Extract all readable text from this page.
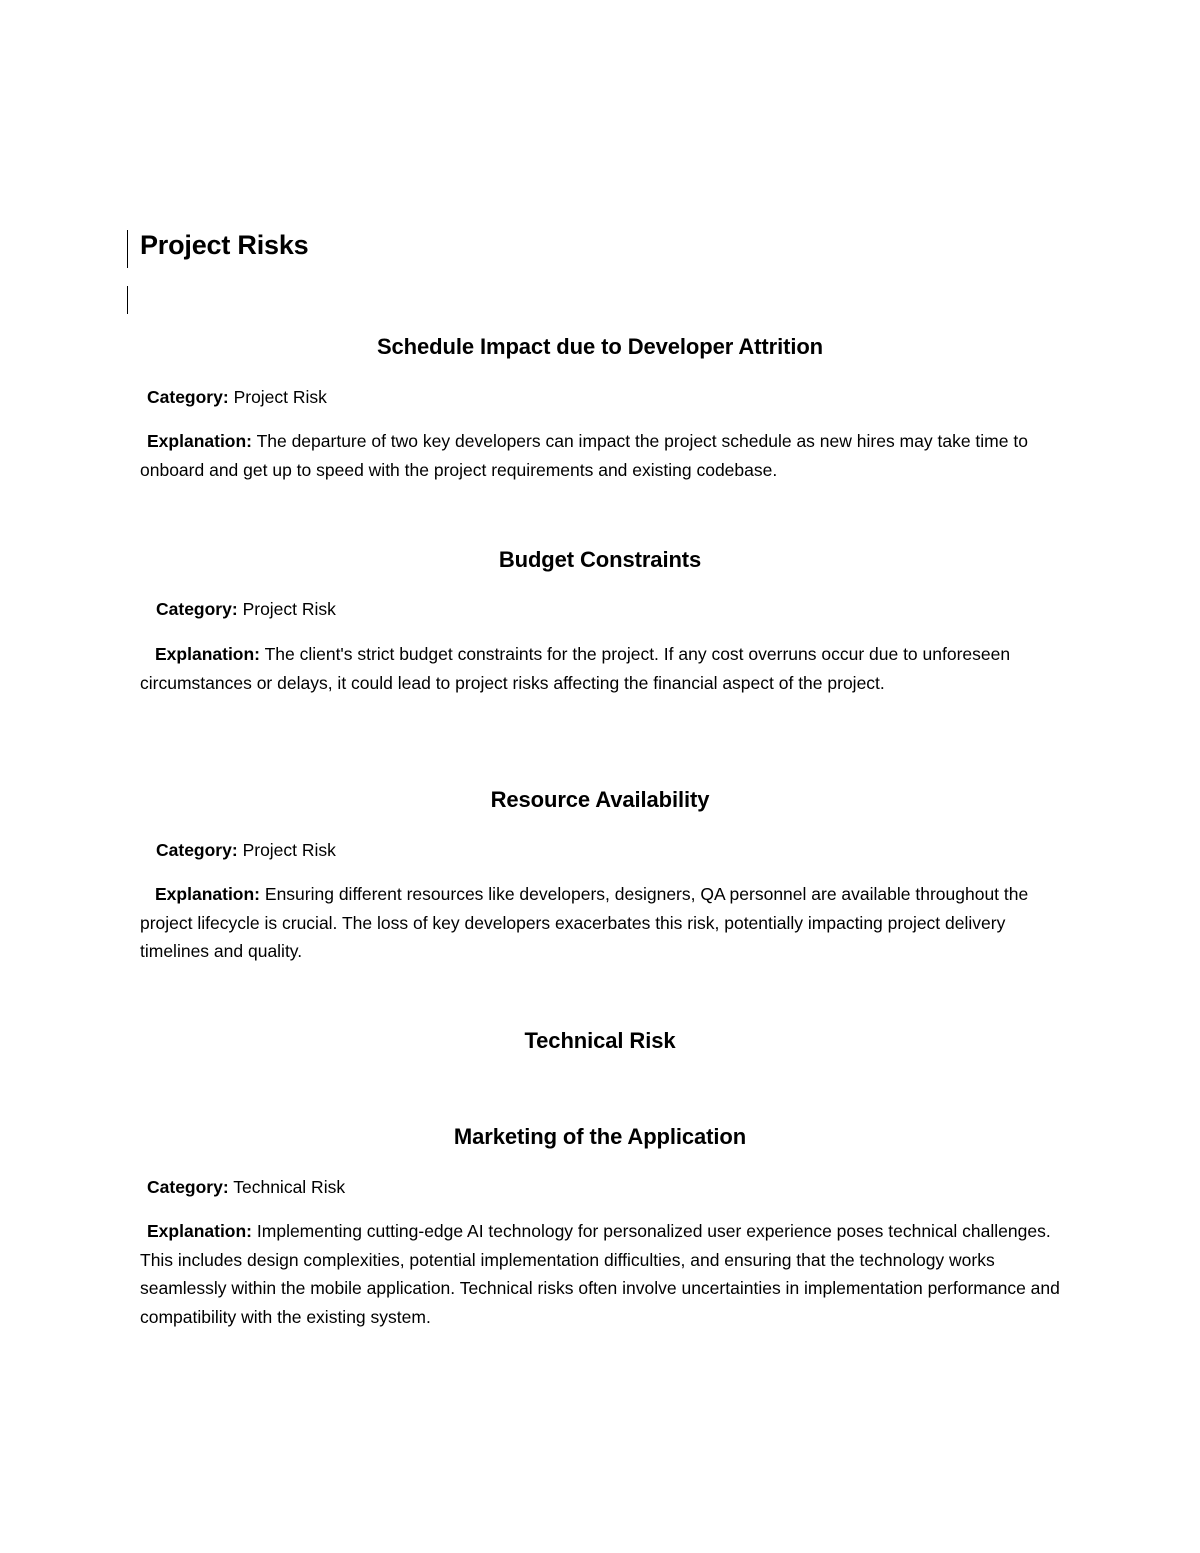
Project Risks
Schedule Impact due to Developer Attrition

Category: Project Risk

Explanation: The departure of two key developers can impact the project schedule as new hires may take time to onboard and get up to speed with the project requirements and existing codebase.

Budget Constraints

Category: Project Risk

Explanation: The client's strict budget constraints for the project. If any cost overruns occur due to unforeseen circumstances or delays, it could lead to project risks affecting the financial aspect of the project.

Resource Availability

Category: Project Risk

Explanation: Ensuring different resources like developers, designers, QA personnel are available throughout the project lifecycle is crucial. The loss of key developers exacerbates this risk, potentially impacting project delivery timelines and quality.

Technical Risk
Marketing of the Application

Category: Technical Risk

Explanation: Implementing cutting-edge AI technology for personalized user experience poses technical challenges. This includes design complexities, potential implementation difficulties, and ensuring that the technology works seamlessly within the mobile application. Technical risks often involve uncertainties in implementation performance and compatibility with the existing system.
